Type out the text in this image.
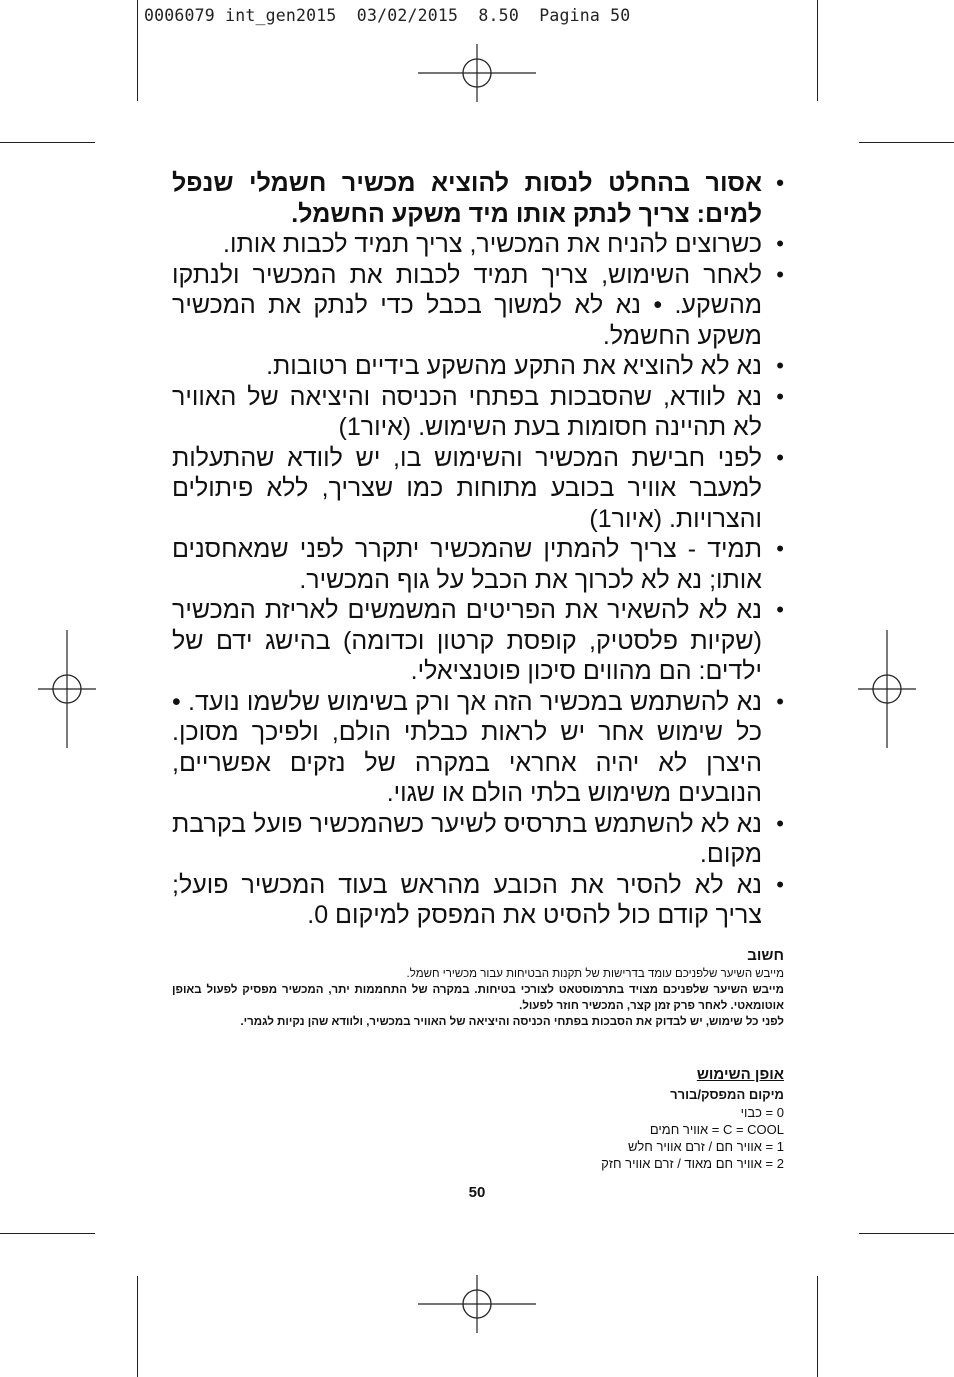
0006079 int_gen2015  03/02/2015  8.50  Pagina 50
• אסור בהחלט לנסות להוציא מכשיר חשמלי שנפל למים: צריך לנתק אותו מיד משקע החשמל.
• כשרוצים להניח את המכשיר, צריך תמיד לכבות אותו.
• לאחר השימוש, צריך תמיד לכבות את המכשיר ולנתקו מהשקע. • נא לא למשוך בכבל כדי לנתק את המכשיר משקע החשמל.
• נא לא להוציא את התקע מהשקע בידיים רטובות.
• נא לוודא, שהסבכות בפתחי הכניסה והיציאה של האוויר לא תהיינה חסומות בעת השימוש. (איור1)
• לפני חבישת המכשיר והשימוש בו, יש לוודא שהתעלות למעבר אוויר בכובע מתוחות כמו שצריך, ללא פיתולים והצרויות. (איור1)
• תמיד - צריך להמתין שהמכשיר יתקרר לפני שמאחסנים אותו; נא לא לכרוך את הכבל על גוף המכשיר.
• נא לא להשאיר את הפריטים המשמשים לאריזת המכשיר (שקיות פלסטיק, קופסת קרטון וכדומה) בהישג ידם של ילדים: הם מהווים סיכון פוטנציאלי.
• נא להשתמש במכשיר הזה אך ורק בשימוש שלשמו נועד. • כל שימוש אחר יש לראות כבלתי הולם, ולפיכך מסוכן. היצרן לא יהיה אחראי במקרה של נזקים אפשריים, הנובעים משימוש בלתי הולם או שגוי.
• נא לא להשתמש בתרסיס לשיער כשהמכשיר פועל בקרבת מקום.
• נא לא להסיר את הכובע מהראש בעוד המכשיר פועל; צריך קודם כול להסיט את המפסק למיקום 0.
חשוב

מייבש השיער שלפניכם עומד בדרישות של תקנות הבטיחות עבור מכשירי חשמל.

מייבש השיער שלפניכם מצויד בתרמוסטאט לצורכי בטיחות. במקרה של התחממות יתר, המכשיר מפסיק לפעול באופן אוטומאטי. לאחר פרק זמן קצר, המכשיר חוזר לפעול.

לפני כל שימוש, יש לבדוק את הסבכות בפתחי הכניסה והיציאה של האוויר במכשיר, ולוודא שהן נקיות לגמרי.

אופן השימוש
מיקום המפסק/בורר

0 = כבוי

C = COOL = אוויר חמים

1 = אוויר חם / זרם אוויר חלש

2 = אוויר חם מאוד / זרם אוויר חזק

50
